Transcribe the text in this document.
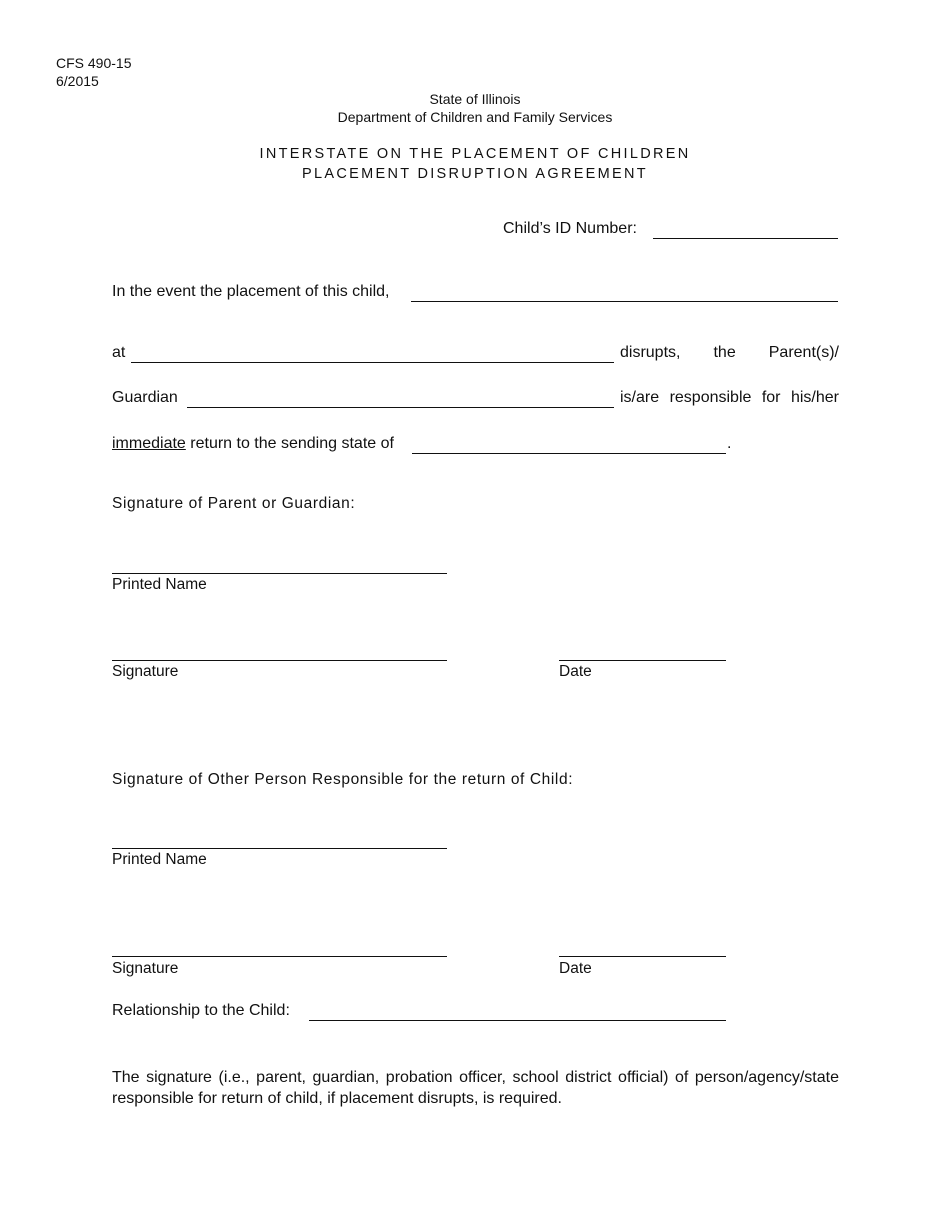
CFS 490-15
6/2015
State of Illinois
Department of Children and Family Services
INTERSTATE ON THE PLACEMENT OF CHILDREN
PLACEMENT DISRUPTION AGREEMENT
Child’s ID Number:
In the event the placement of this child,
at	disrupts, the Parent(s)/
Guardian	is/are responsible for his/her
immediate return to the sending state of	.
Signature of Parent or Guardian:
Printed Name
Signature	Date
Signature of Other Person Responsible for the return of Child:
Printed Name
Signature	Date
Relationship to the Child:
The signature (i.e., parent, guardian, probation officer, school district official) of person/agency/state responsible for return of child, if placement disrupts, is required.
